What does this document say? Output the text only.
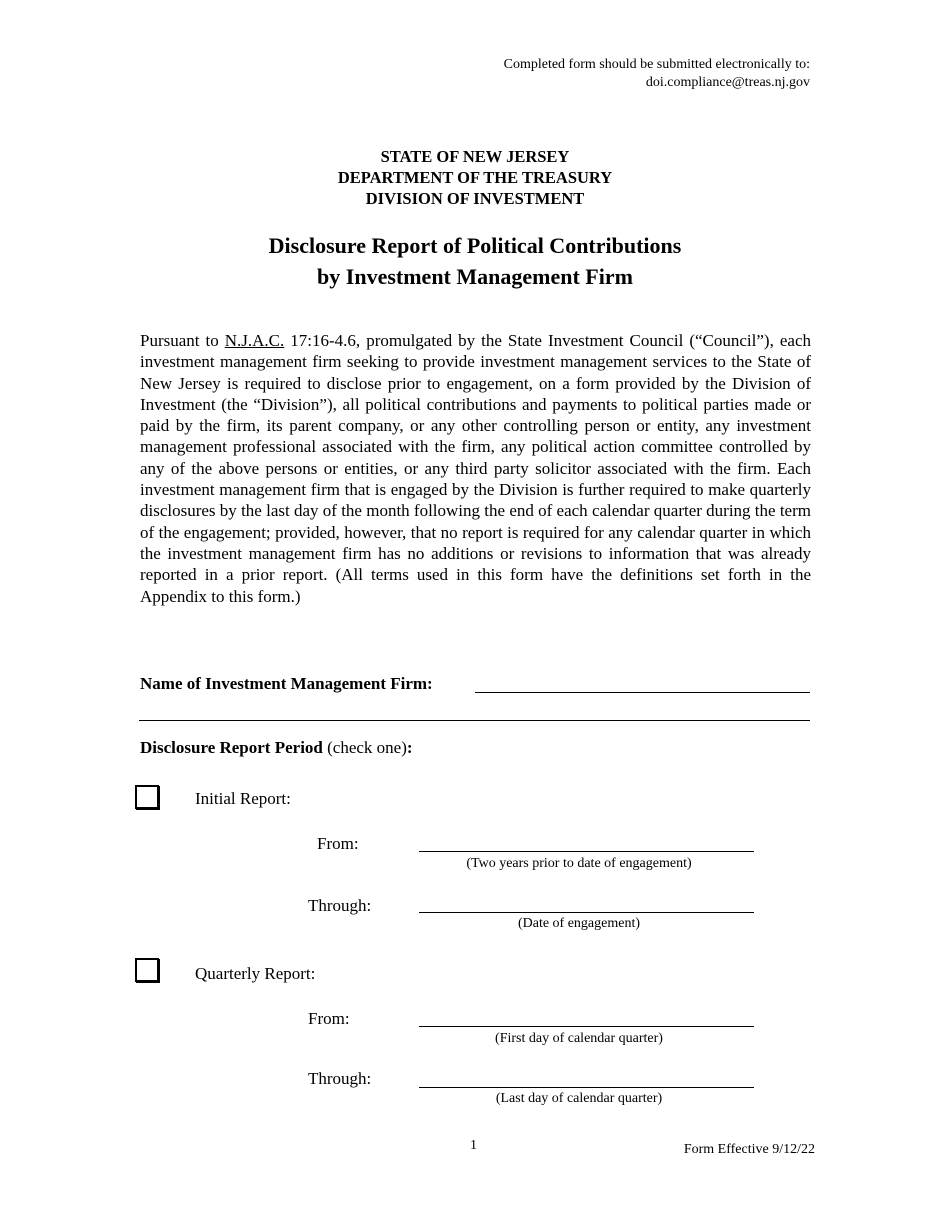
Completed form should be submitted electronically to:
doi.compliance@treas.nj.gov
STATE OF NEW JERSEY
DEPARTMENT OF THE TREASURY
DIVISION OF INVESTMENT
Disclosure Report of Political Contributions
by Investment Management Firm

Pursuant to N.J.A.C. 17:16-4.6, promulgated by the State Investment Council (“Council”), each investment management firm seeking to provide investment management services to the State of New Jersey is required to disclose prior to engagement, on a form provided by the Division of Investment (the “Division”), all political contributions and payments to political parties made or paid by the firm, its parent company, or any other controlling person or entity, any investment management professional associated with the firm, any political action committee controlled by any of the above persons or entities, or any third party solicitor associated with the firm. Each investment management firm that is engaged by the Division is further required to make quarterly disclosures by the last day of the month following the end of each calendar quarter during the term of the engagement; provided, however, that no report is required for any calendar quarter in which the investment management firm has no additions or revisions to information that was already reported in a prior report. (All terms used in this form have the definitions set forth in the Appendix to this form.)

Name of Investment Management Firm:
Disclosure Report Period (check one):
Initial Report:
From:
(Two years prior to date of engagement)
Through:
(Date of engagement)
Quarterly Report:
From:
(First day of calendar quarter)
Through:
(Last day of calendar quarter)
1	Form Effective 9/12/22
